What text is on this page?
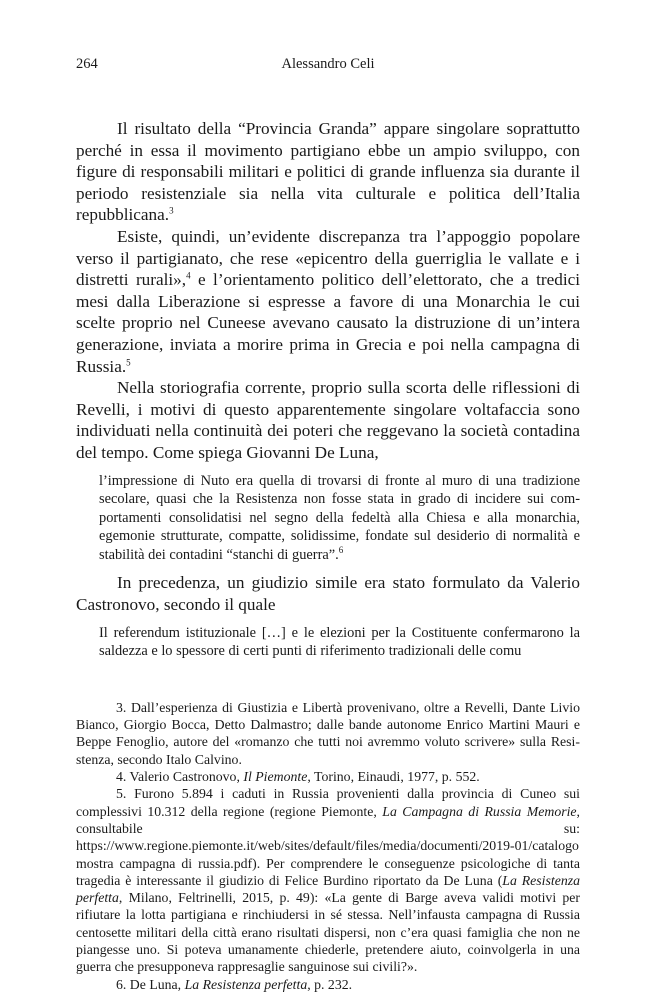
264	Alessandro Celi

Il risultato della “Provincia Granda” appare singolare soprattutto perché in essa il movimento partigiano ebbe un ampio sviluppo, con figure di responsabili militari e politici di grande influenza sia durante il periodo resistenziale sia nella vita culturale e politica dell’Italia repubblicana.$^3$

Esiste, quindi, un’evidente discrepanza tra l’appoggio popolare verso il partigianato, che rese «epicentro della guerriglia le vallate e i distretti rurali»,$^4$ e l’orientamento politico dell’elettorato, che a tredici mesi dalla Liberazione si espresse a favore di una Monarchia le cui scelte proprio nel Cuneese avevano causato la distruzione di un’intera generazione, inviata a morire prima in Grecia e poi nella campagna di Russia.$^5$

Nella storiografia corrente, proprio sulla scorta delle riflessioni di Revelli, i motivi di questo apparentemente singolare voltafaccia sono individuati nella continuità dei poteri che reggevano la società contadina del tempo. Come spiega Giovanni De Luna,

l’impressione di Nuto era quella di trovarsi di fronte al muro di una tradizione secolare, quasi che la Resistenza non fosse stata in grado di incidere sui comportamenti consolidatisi nel segno della fedeltà alla Chiesa e alla monarchia, egemonie strutturate, compatte, solidissime, fondate sul desiderio di normalità e stabilità dei contadini “stanchi di guerra”.$^6$

In precedenza, un giudizio simile era stato formulato da Valerio Castronovo, secondo il quale

Il referendum istituzionale […] e le elezioni per la Costituente confermarono la saldezza e lo spessore di certi punti di riferimento tradizionali delle comu

3. Dall’esperienza di Giustizia e Libertà provenivano, oltre a Revelli, Dante Livio Bianco, Giorgio Bocca, Detto Dalmastro; dalle bande autonome Enrico Martini Mauri e Beppe Fenoglio, autore del «romanzo che tutti noi avremmo voluto scrivere» sulla Resistenza, secondo Italo Calvino.

4. Valerio Castronovo, Il Piemonte, Torino, Einaudi, 1977, p. 552.

5. Furono 5.894 i caduti in Russia provenienti dalla provincia di Cuneo sui complessivi 10.312 della regione (regione Piemonte, La Campagna di Russia Memorie, consultabile su: https://www.regione.piemonte.it/web/sites/default/files/media/documenti/2019-01/catalogo mostra campagna di russia.pdf). Per comprendere le conseguenze psicologiche di tanta tragedia è interessante il giudizio di Felice Burdino riportato da De Luna (La Resistenza perfetta, Milano, Feltrinelli, 2015, p. 49): «La gente di Barge aveva validi motivi per rifiutare la lotta partigiana e rinchiudersi in sé stessa. Nell’infausta campagna di Russia centosette militari della città erano risultati dispersi, non c’era quasi famiglia che non ne piangesse uno. Si poteva umanamente chiederle, pretendere aiuto, coinvolgerla in una guerra che presupponeva rappresaglie sanguinose sui civili?».

6. De Luna, La Resistenza perfetta, p. 232.
